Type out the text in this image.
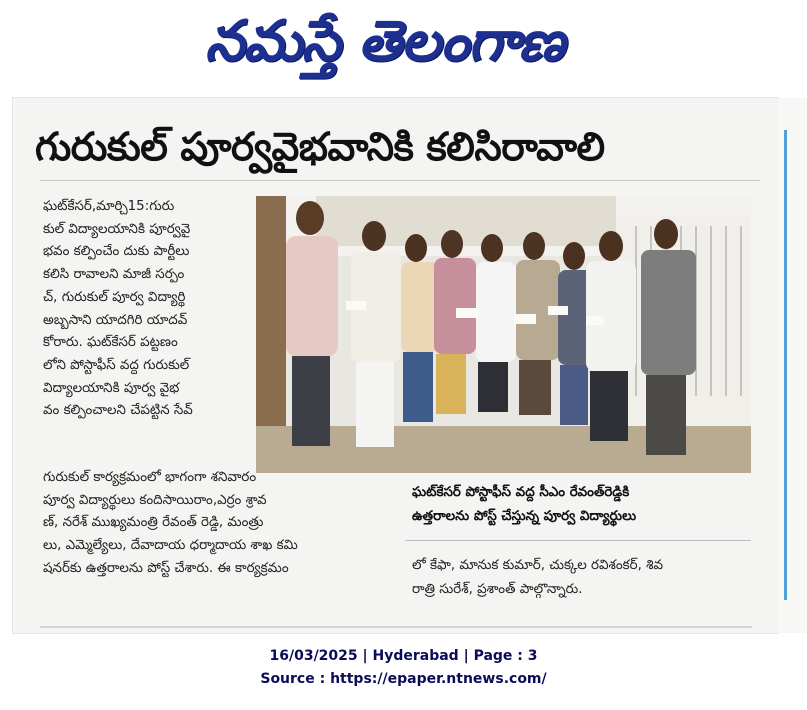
నమస్తే తెలంగాణ
గురుకుల్ పూర్వవైభవానికి కలిసిరావాలి
ఘట్‌కేసర్,మార్చి15:గురు
కుల్ విద్యాలయానికి పూర్వవై
భవం కల్పించేం దుకు పార్టీలు
కలిసి రావాలని మాజీ సర్పం
చ్, గురుకుల్ పూర్వ విద్యార్థి
అబ్బసాని యాదగిరి యాదవ్
కోరారు. ఘట్‌కేసర్ పట్టణం
లోని పోస్టాఫీస్ వద్ద గురుకుల్
విద్యాలయానికి పూర్వ వైభ
వం కల్పించాలని చేపట్టిన సేవ్
గురుకుల్ కార్యక్రమంలో భాగంగా శనివారం
పూర్వ విద్యార్థులు కందిసాయిరాం,ఎర్రం శ్రావ
ణ్, నరేశ్ ముఖ్యమంత్రి రేవంత్ రెడ్డి, మంత్రు
లు, ఎమ్మెల్యేలు, దేవాదాయ ధర్మాదాయ శాఖ కమి
షనర్‌కు ఉత్తరాలను పోస్ట్ చేశారు. ఈ కార్యక్రమం
ఘట్‌కేసర్ పోస్టాఫీస్ వద్ద సీఎం రేవంత్‌రెడ్డికి
ఉత్తరాలను పోస్ట్ చేస్తున్న పూర్వ విద్యార్థులు
లో కేఫా, మానుక కుమార్, చుక్కల రవిశంకర్, శివ
రాత్రి సురేశ్, ప్రశాంత్ పాల్గొన్నారు.
16/03/2025 | Hyderabad | Page : 3
Source : https://epaper.ntnews.com/
